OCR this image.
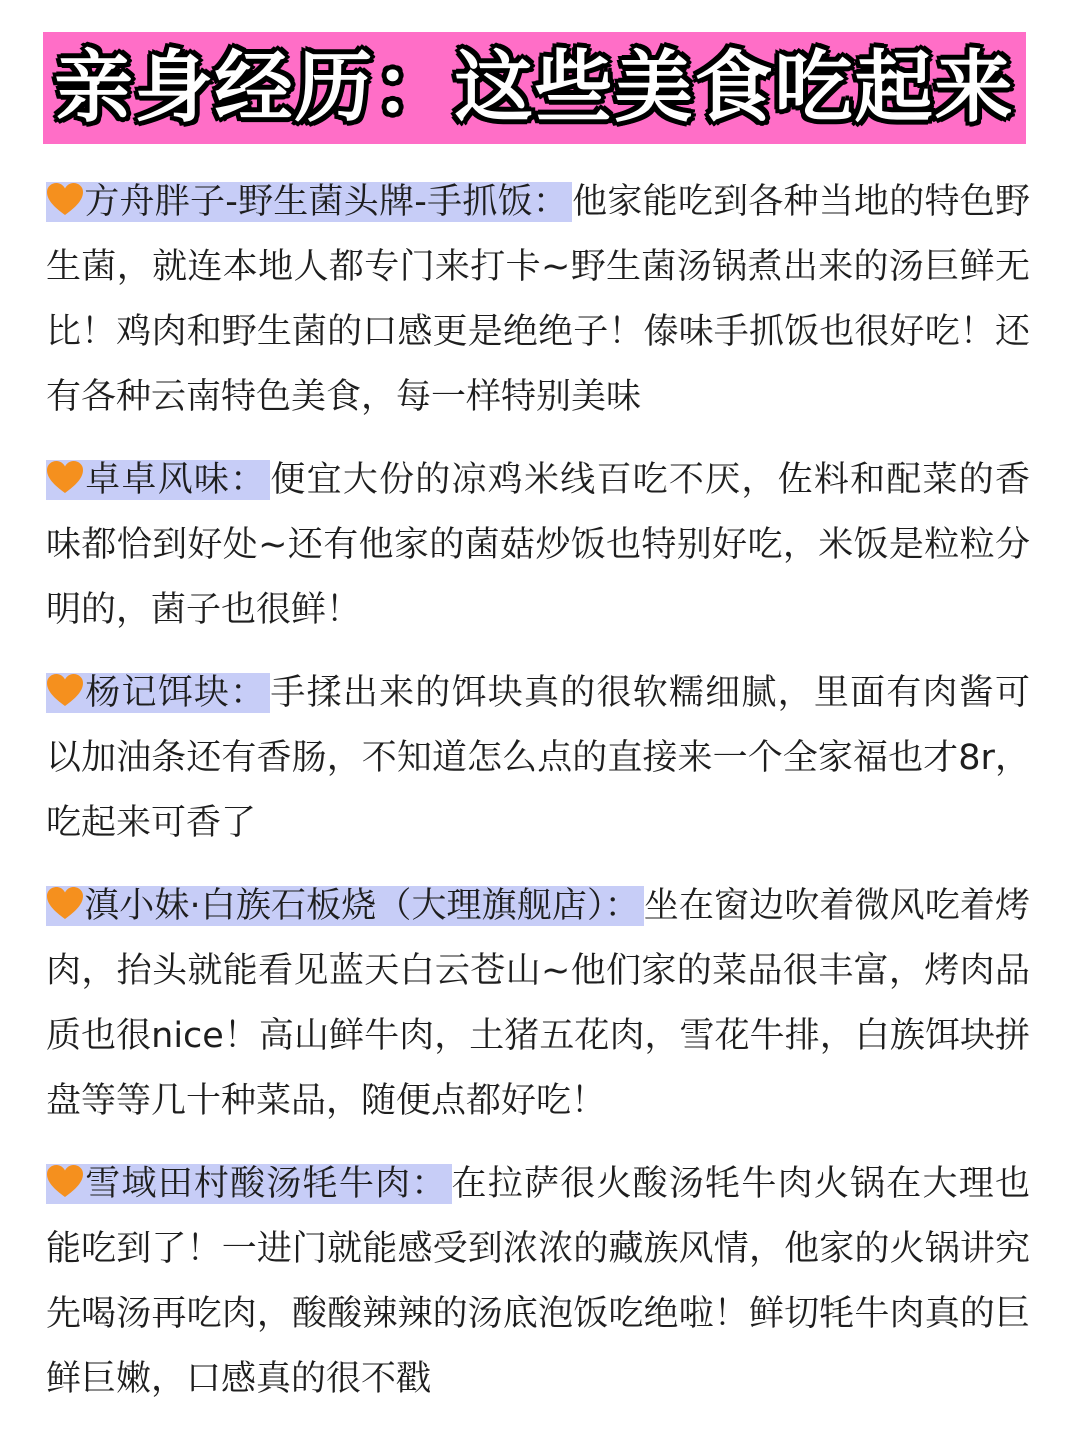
亲身经历：这些美食吃起来

方舟胖子-野生菌头牌-手抓饭： 他家能吃到各种当地的特色野生菌，就连本地人都专门来打卡~野生菌汤锅煮出来的汤巨鲜无比！鸡肉和野生菌的口感更是绝绝子！傣味手抓饭也很好吃！还有各种云南特色美食，每一样特别美味

卓卓风味： 便宜大份的凉鸡米线百吃不厌，佐料和配菜的香味都恰到好处~还有他家的菌菇炒饭也特别好吃，米饭是粒粒分明的，菌子也很鲜！

杨记饵块： 手揉出来的饵块真的很软糯细腻，里面有肉酱可以加油条还有香肠，不知道怎么点的直接来一个全家福也才8r，吃起来可香了

滇小妹·白族石板烧（大理旗舰店）： 坐在窗边吹着微风吃着烤肉，抬头就能看见蓝天白云苍山~他们家的菜品很丰富，烤肉品质也很nice！高山鲜牛肉，土猪五花肉，雪花牛排，白族饵块拼盘等等几十种菜品，随便点都好吃！

雪域田村酸汤牦牛肉： 在拉萨很火酸汤牦牛肉火锅在大理也能吃到了！一进门就能感受到浓浓的藏族风情，他家的火锅讲究先喝汤再吃肉，酸酸辣辣的汤底泡饭吃绝啦！鲜切牦牛肉真的巨鲜巨嫩，口感真的很不戳
